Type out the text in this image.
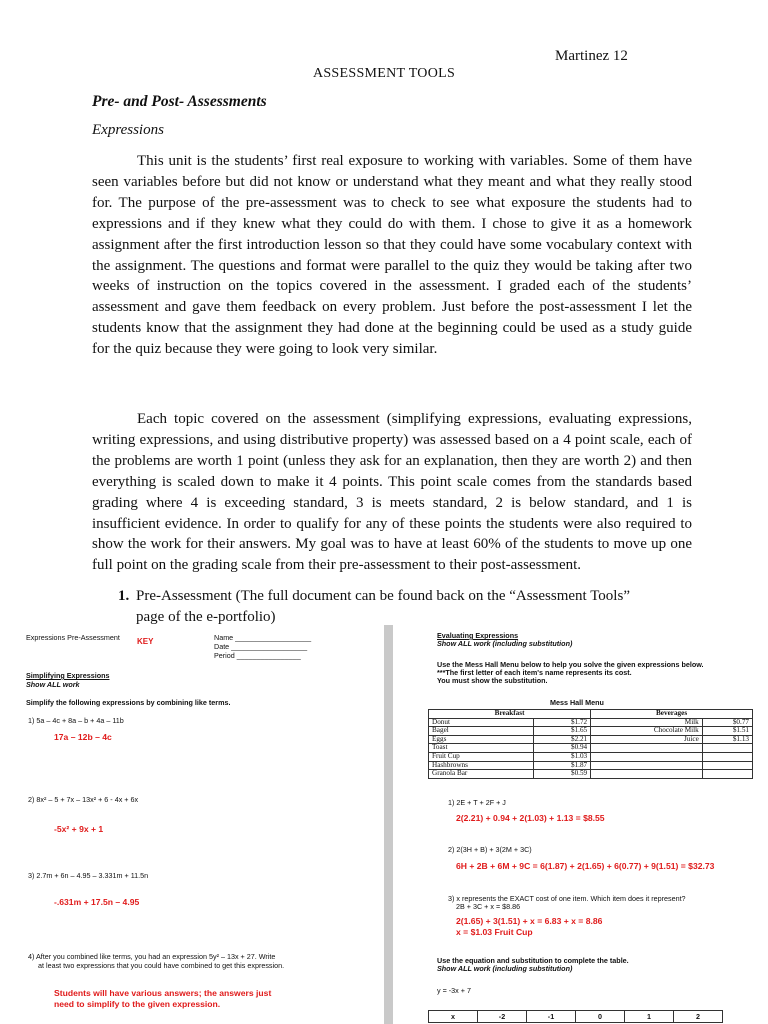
Martinez 12
ASSESSMENT TOOLS
Pre- and Post- Assessments
Expressions

This unit is the students’ first real exposure to working with variables. Some of them have seen variables before but did not know or understand what they meant and what they really stood for. The purpose of the pre-assessment was to check to see what exposure the students had to expressions and if they knew what they could do with them. I chose to give it as a homework assignment after the first introduction lesson so that they could have some vocabulary context with the assignment. The questions and format were parallel to the quiz they would be taking after two weeks of instruction on the topics covered in the assessment. I graded each of the students’ assessment and gave them feedback on every problem. Just before the post-assessment I let the students know that the assignment they had done at the beginning could be used as a study guide for the quiz because they were going to look very similar.

Each topic covered on the assessment (simplifying expressions, evaluating expressions, writing expressions, and using distributive property) was assessed based on a 4 point scale, each of the problems are worth 1 point (unless they ask for an explanation, then they are worth 2) and then everything is scaled down to make it 4 points. This point scale comes from the standards based grading where 4 is exceeding standard, 3 is meets standard, 2 is below standard, and 1 is insufficient evidence. In order to qualify for any of these points the students were also required to show the work for their answers. My goal was to have at least 60% of the students to move up one full point on the grading scale from their pre-assessment to their post-assessment.

1. Pre-Assessment (The full document can be found back on the “Assessment Tools” page of the e-portfolio)
Expressions Pre-Assessment KEY	Name ___________________
Date ___________________
Period ________________
Simplifying Expressions
Show ALL work
Simplify the following expressions by combining like terms.
1) 5a – 4c + 8a – b + 4a – 11b
17a – 12b – 4c
2) 8x² – 5 + 7x – 13x² + 6 - 4x + 6x
-5x² + 9x + 1
3) 2.7m + 6n – 4.95 – 3.331m + 11.5n
-.631m + 17.5n – 4.95
4) After you combined like terms, you had an expression 5y² – 13x + 27. Write
at least two expressions that you could have combined to get this expression.
Students will have various answers; the answers just
need to simplify to the given expression.
Evaluating Expressions
Show ALL work (including substitution)
Use the Mess Hall Menu below to help you solve the given expressions below.
***The first letter of each item's name represents its cost.
You must show the substitution.
Mess Hall Menu
Breakfast		Beverages	
Donut	$1.72	Milk	$0.77
Bagel	$1.65	Chocolate Milk	$1.51
Eggs	$2.21	Juice	$1.13
Toast	$0.94		
Fruit Cup	$1.03		
Hashbrowns	$1.87		
Granola Bar	$0.59		
1) 2E + T + 2F + J
2(2.21) + 0.94 + 2(1.03) + 1.13 = $8.55
2) 2(3H + B) + 3(2M + 3C)
6H + 2B + 6M + 9C = 6(1.87) + 2(1.65) + 6(0.77) + 9(1.51) = $32.73
3) x represents the EXACT cost of one item. Which item does it represent?
2B + 3C + x = $8.86
2(1.65) + 3(1.51) + x = 6.83 + x = 8.86
x = $1.03 Fruit Cup
Use the equation and substitution to complete the table.
Show ALL work (including substitution)
y = -3x + 7
x	-2	-1	0	1	2
